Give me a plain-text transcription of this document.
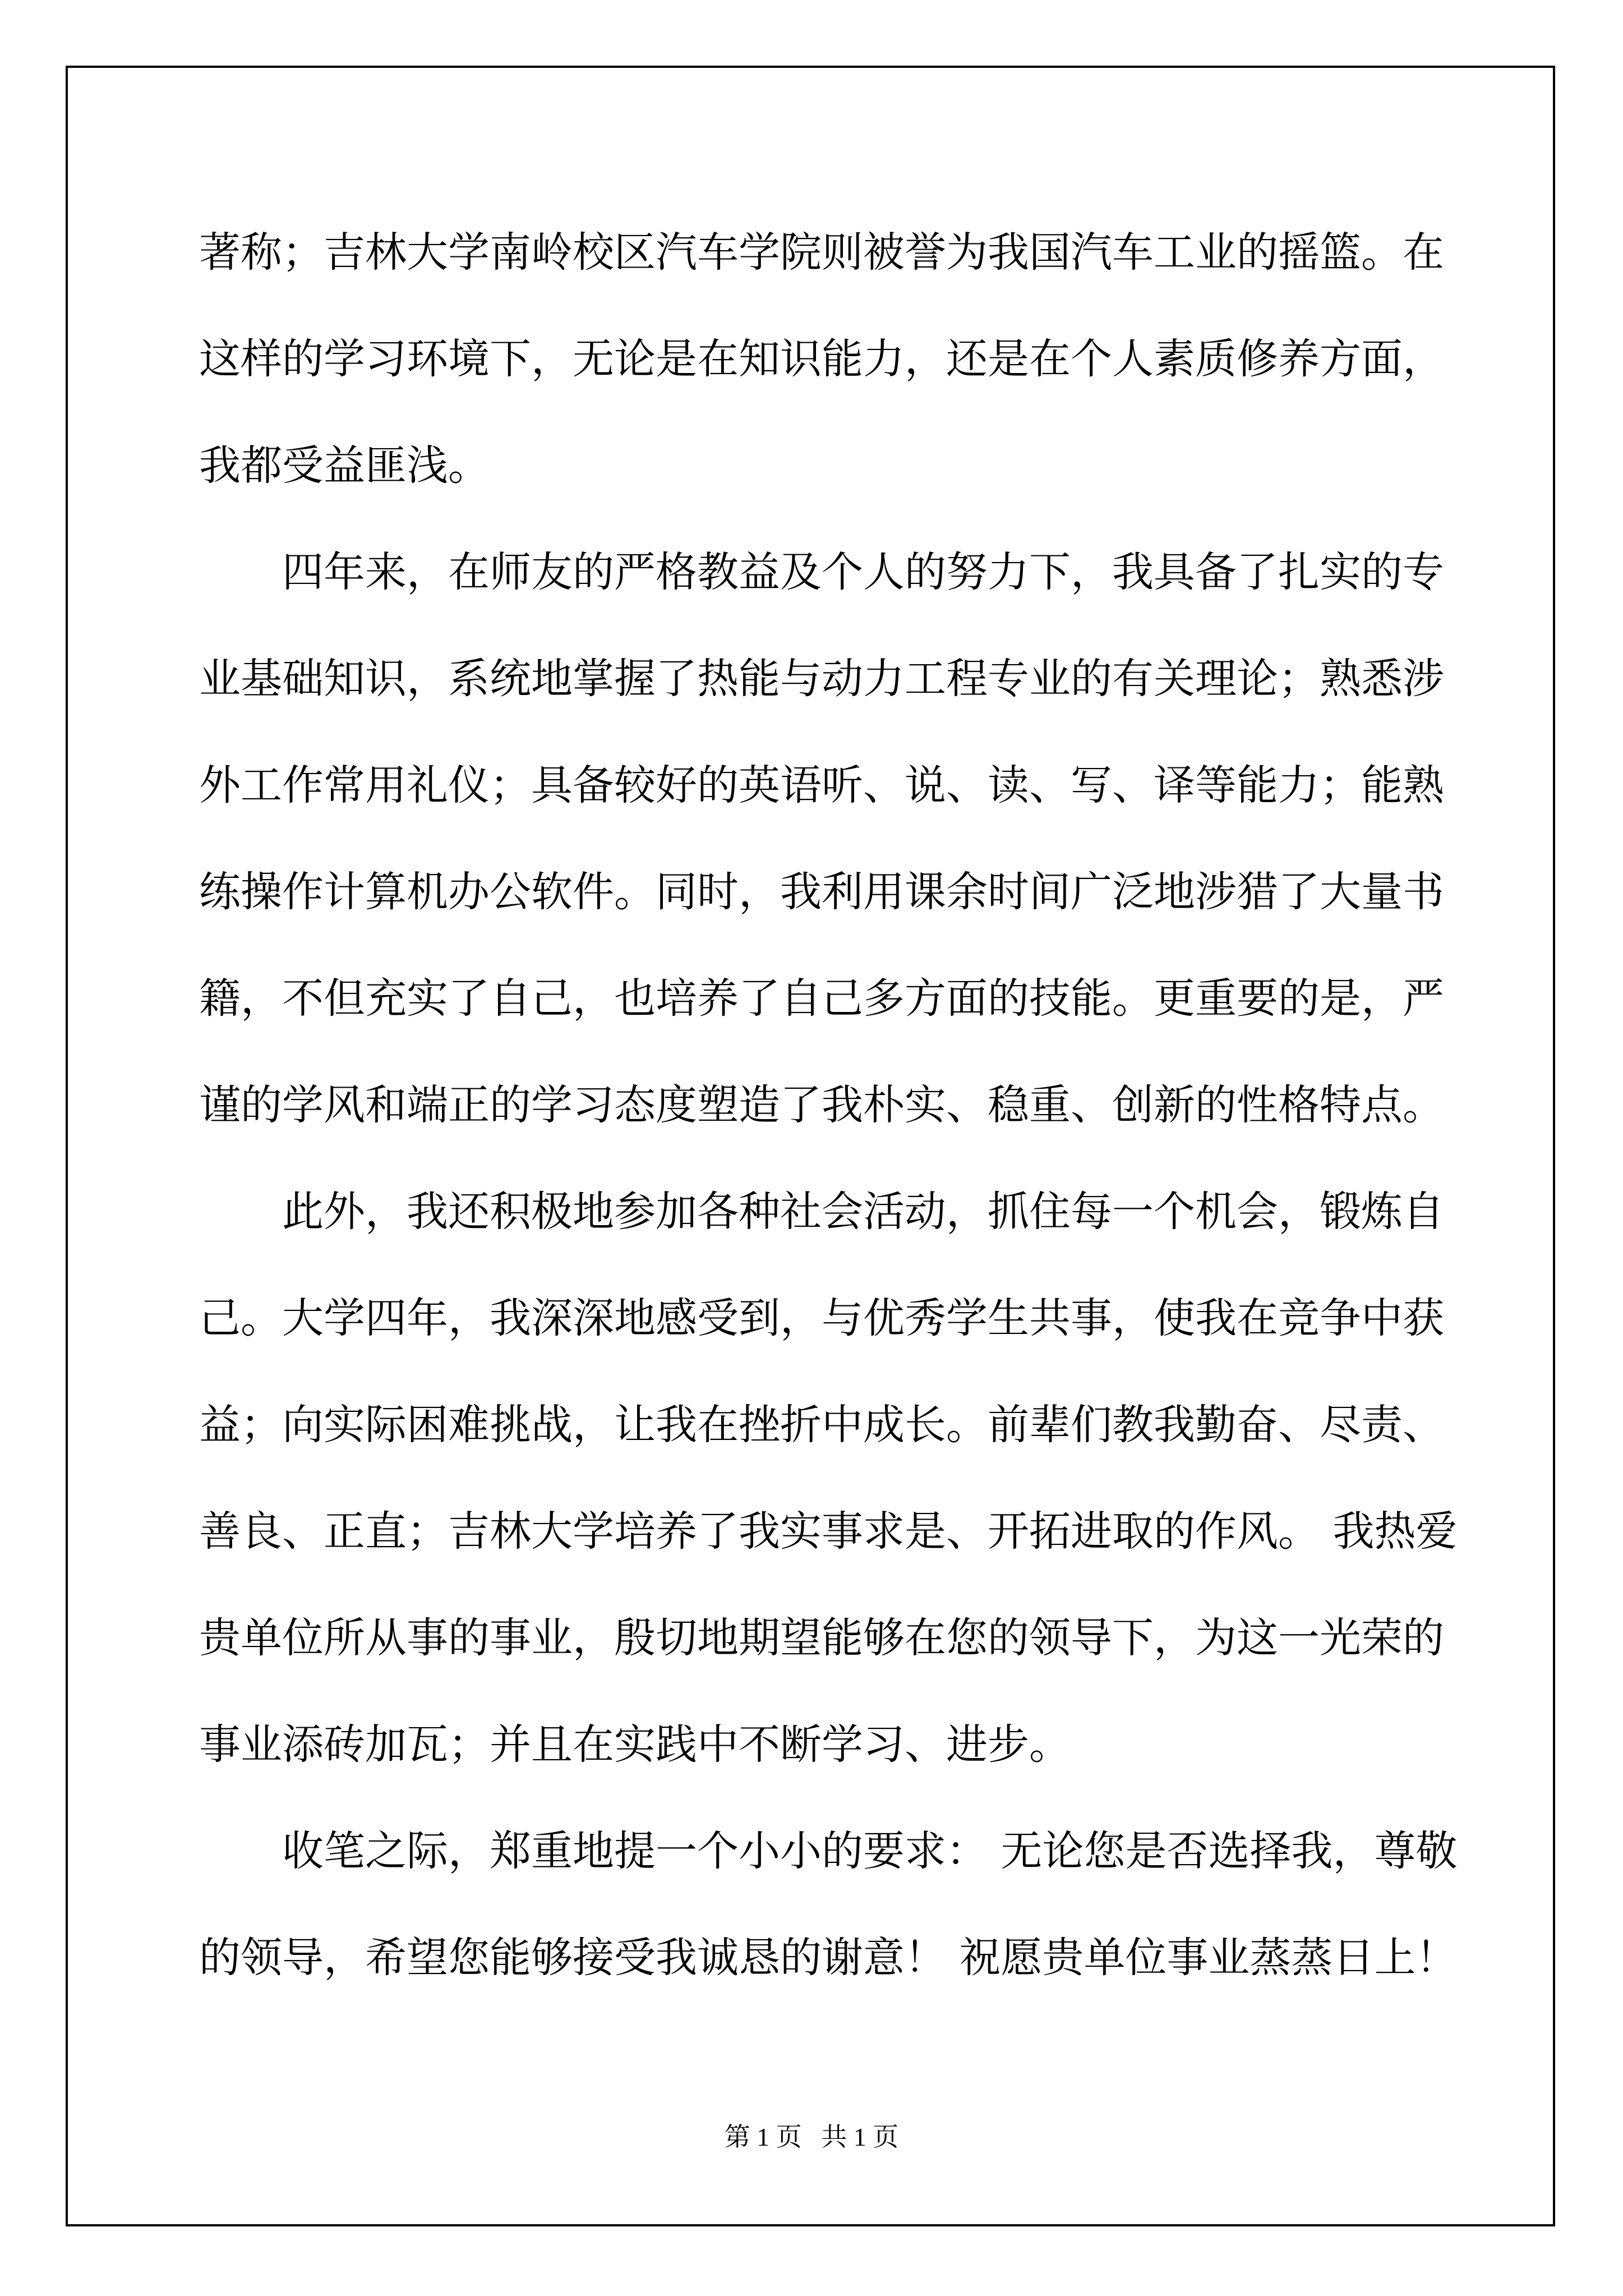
著称；吉林大学南岭校区汽车学院则被誉为我国汽车工业的摇篮。在
这样的学习环境下，无论是在知识能力，还是在个人素质修养方面，
我都受益匪浅。
四年来，在师友的严格教益及个人的努力下，我具备了扎实的专
业基础知识，系统地掌握了热能与动力工程专业的有关理论；熟悉涉
外工作常用礼仪；具备较好的英语听、说、读、写、译等能力；能熟
练操作计算机办公软件。同时，我利用课余时间广泛地涉猎了大量书
籍，不但充实了自己，也培养了自己多方面的技能。更重要的是，严
谨的学风和端正的学习态度塑造了我朴实、稳重、创新的性格特点。
此外，我还积极地参加各种社会活动，抓住每一个机会，锻炼自
己。大学四年，我深深地感受到，与优秀学生共事，使我在竞争中获
益；向实际困难挑战，让我在挫折中成长。前辈们教我勤奋、尽责、
善良、正直；吉林大学培养了我实事求是、开拓进取的作风。 我热爱
贵单位所从事的事业，殷切地期望能够在您的领导下，为这一光荣的
事业添砖加瓦；并且在实践中不断学习、进步。
收笔之际，郑重地提一个小小的要求： 无论您是否选择我，尊敬
的领导，希望您能够接受我诚恳的谢意！ 祝愿贵单位事业蒸蒸日上！
第 1 页 共 1 页
